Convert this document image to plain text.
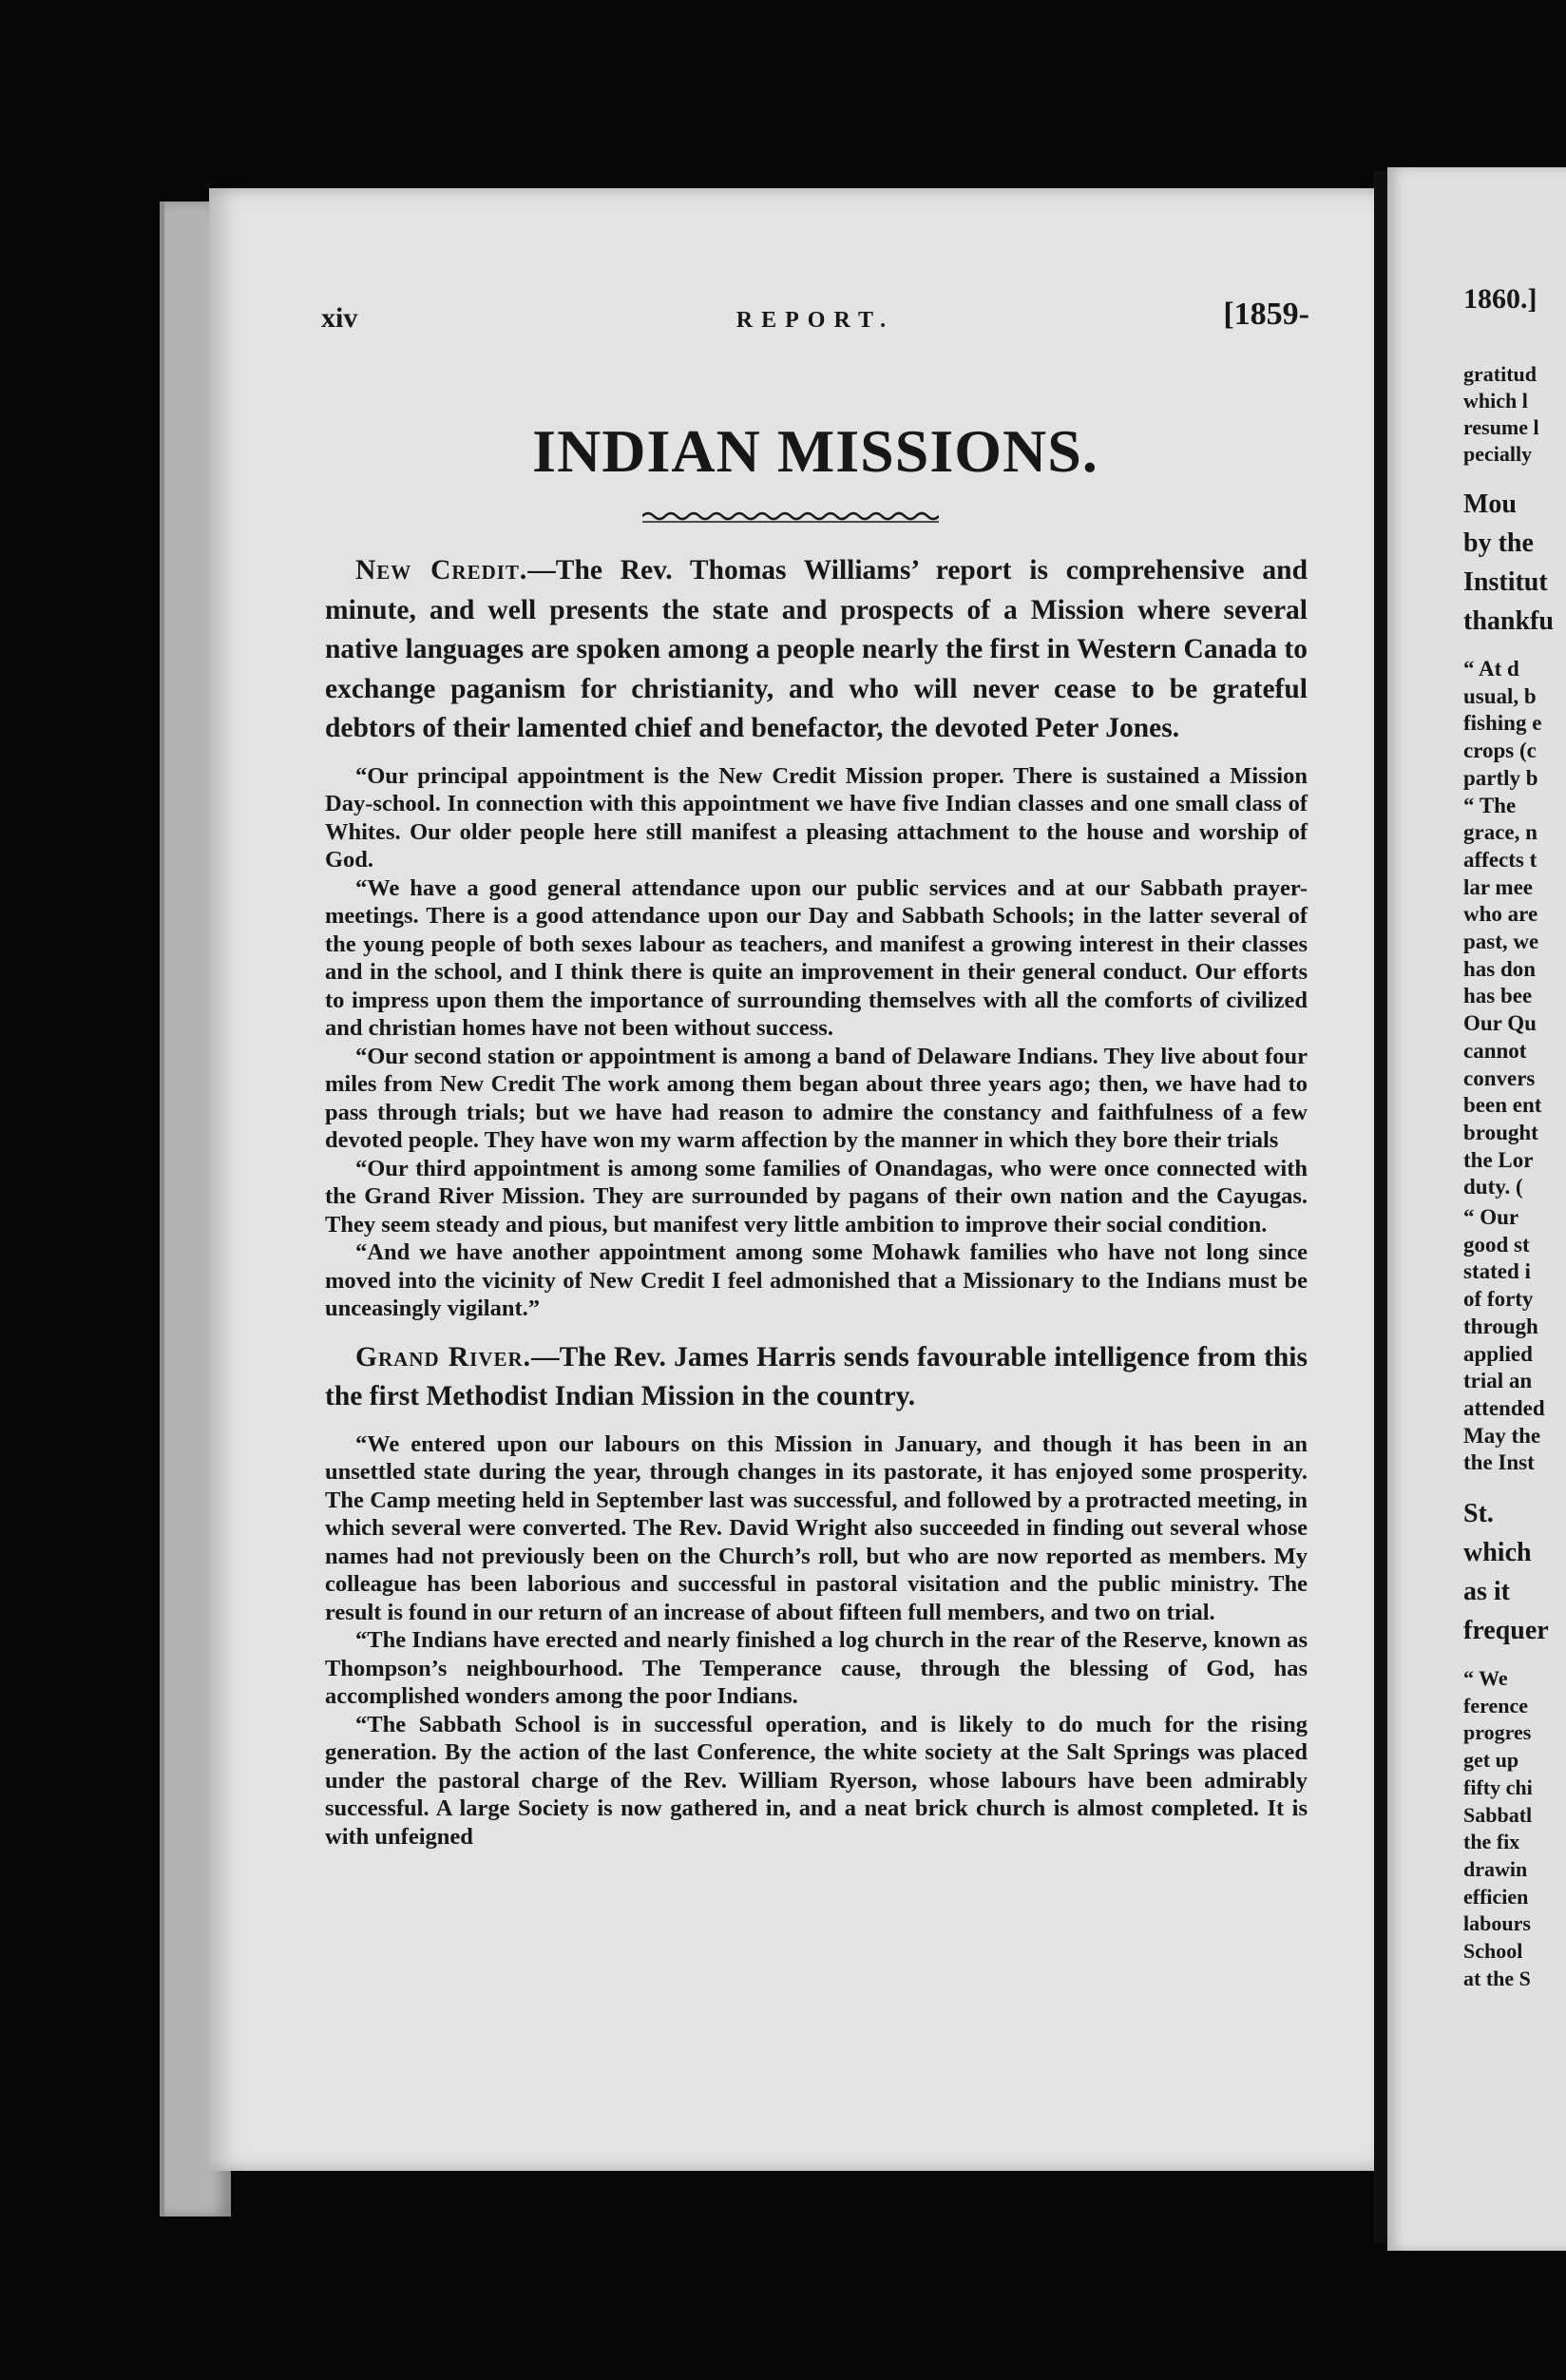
xiv	REPORT.	[1859-
INDIAN MISSIONS.

New Credit.—The Rev. Thomas Williams’ report is comprehensive and minute, and well presents the state and prospects of a Mission where several native languages are spoken among a people nearly the first in Western Canada to exchange paganism for christianity, and who will never cease to be grateful debtors of their lamented chief and benefactor, the devoted Peter Jones.

“Our principal appointment is the New Credit Mission proper. There is sustained a Mission Day-school. In connection with this appointment we have five Indian classes and one small class of Whites. Our older people here still manifest a pleasing attachment to the house and worship of God.

“We have a good general attendance upon our public services and at our Sabbath prayer-meetings. There is a good attendance upon our Day and Sabbath Schools; in the latter several of the young people of both sexes labour as teachers, and manifest a growing interest in their classes and in the school, and I think there is quite an improvement in their general conduct. Our efforts to impress upon them the importance of surrounding themselves with all the comforts of civilized and christian homes have not been without success.

“Our second station or appointment is among a band of Delaware Indians. They live about four miles from New Credit The work among them began about three years ago; then, we have had to pass through trials; but we have had reason to admire the constancy and faithfulness of a few devoted people. They have won my warm affection by the manner in which they bore their trials

“Our third appointment is among some families of Onandagas, who were once connected with the Grand River Mission. They are surrounded by pagans of their own nation and the Cayugas. They seem steady and pious, but manifest very little ambition to improve their social condition.

“And we have another appointment among some Mohawk families who have not long since moved into the vicinity of New Credit I feel admonished that a Missionary to the Indians must be unceasingly vigilant.”

Grand River.—The Rev. James Harris sends favourable intelligence from this the first Methodist Indian Mission in the country.

“We entered upon our labours on this Mission in January, and though it has been in an unsettled state during the year, through changes in its pastorate, it has enjoyed some prosperity. The Camp meeting held in September last was successful, and followed by a protracted meeting, in which several were converted. The Rev. David Wright also succeeded in finding out several whose names had not previously been on the Church’s roll, but who are now reported as members. My colleague has been laborious and successful in pastoral visitation and the public ministry. The result is found in our return of an increase of about fifteen full members, and two on trial.

“The Indians have erected and nearly finished a log church in the rear of the Reserve, known as Thompson’s neighbourhood. The Temperance cause, through the blessing of God, has accomplished wonders among the poor Indians.

“The Sabbath School is in successful operation, and is likely to do much for the rising generation. By the action of the last Conference, the white society at the Salt Springs was placed under the pastoral charge of the Rev. William Ryerson, whose labours have been admirably successful. A large Society is now gathered in, and a neat brick church is almost completed. It is with unfeigned

1860.]
gratitud
which l
resume l
pecially
Mou
by the
Institut
thankfu
“ At d
usual, b
fishing e
crops (c
partly b
“ The
grace, n
affects t
lar mee
who are
past, we
has don
has bee
Our Qu
cannot
convers
been ent
brought
the Lor
duty. (
“ Our
good st
stated i
of forty
through
applied
trial an
attended
May the
the Inst
St.
which
as it
frequer
“ We
ference
progres
get up
fifty chi
Sabbatl
the fix
drawin
efficien
labours
School
at the S
